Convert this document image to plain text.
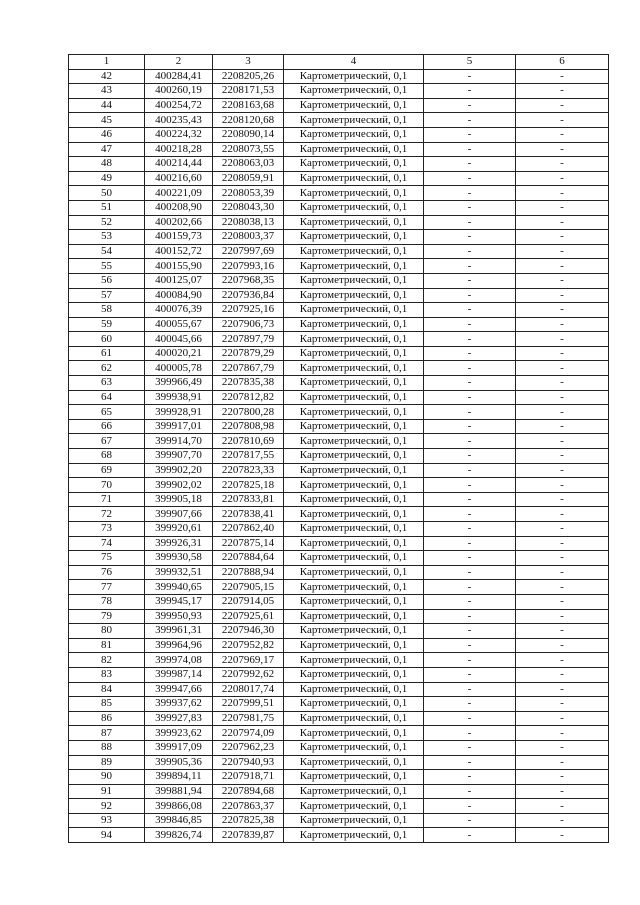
1	2	3	4	5	6
42	400284,41	2208205,26	Картометрический, 0,1	-	-
43	400260,19	2208171,53	Картометрический, 0,1	-	-
44	400254,72	2208163,68	Картометрический, 0,1	-	-
45	400235,43	2208120,68	Картометрический, 0,1	-	-
46	400224,32	2208090,14	Картометрический, 0,1	-	-
47	400218,28	2208073,55	Картометрический, 0,1	-	-
48	400214,44	2208063,03	Картометрический, 0,1	-	-
49	400216,60	2208059,91	Картометрический, 0,1	-	-
50	400221,09	2208053,39	Картометрический, 0,1	-	-
51	400208,90	2208043,30	Картометрический, 0,1	-	-
52	400202,66	2208038,13	Картометрический, 0,1	-	-
53	400159,73	2208003,37	Картометрический, 0,1	-	-
54	400152,72	2207997,69	Картометрический, 0,1	-	-
55	400155,90	2207993,16	Картометрический, 0,1	-	-
56	400125,07	2207968,35	Картометрический, 0,1	-	-
57	400084,90	2207936,84	Картометрический, 0,1	-	-
58	400076,39	2207925,16	Картометрический, 0,1	-	-
59	400055,67	2207906,73	Картометрический, 0,1	-	-
60	400045,66	2207897,79	Картометрический, 0,1	-	-
61	400020,21	2207879,29	Картометрический, 0,1	-	-
62	400005,78	2207867,79	Картометрический, 0,1	-	-
63	399966,49	2207835,38	Картометрический, 0,1	-	-
64	399938,91	2207812,82	Картометрический, 0,1	-	-
65	399928,91	2207800,28	Картометрический, 0,1	-	-
66	399917,01	2207808,98	Картометрический, 0,1	-	-
67	399914,70	2207810,69	Картометрический, 0,1	-	-
68	399907,70	2207817,55	Картометрический, 0,1	-	-
69	399902,20	2207823,33	Картометрический, 0,1	-	-
70	399902,02	2207825,18	Картометрический, 0,1	-	-
71	399905,18	2207833,81	Картометрический, 0,1	-	-
72	399907,66	2207838,41	Картометрический, 0,1	-	-
73	399920,61	2207862,40	Картометрический, 0,1	-	-
74	399926,31	2207875,14	Картометрический, 0,1	-	-
75	399930,58	2207884,64	Картометрический, 0,1	-	-
76	399932,51	2207888,94	Картометрический, 0,1	-	-
77	399940,65	2207905,15	Картометрический, 0,1	-	-
78	399945,17	2207914,05	Картометрический, 0,1	-	-
79	399950,93	2207925,61	Картометрический, 0,1	-	-
80	399961,31	2207946,30	Картометрический, 0,1	-	-
81	399964,96	2207952,82	Картометрический, 0,1	-	-
82	399974,08	2207969,17	Картометрический, 0,1	-	-
83	399987,14	2207992,62	Картометрический, 0,1	-	-
84	399947,66	2208017,74	Картометрический, 0,1	-	-
85	399937,62	2207999,51	Картометрический, 0,1	-	-
86	399927,83	2207981,75	Картометрический, 0,1	-	-
87	399923,62	2207974,09	Картометрический, 0,1	-	-
88	399917,09	2207962,23	Картометрический, 0,1	-	-
89	399905,36	2207940,93	Картометрический, 0,1	-	-
90	399894,11	2207918,71	Картометрический, 0,1	-	-
91	399881,94	2207894,68	Картометрический, 0,1	-	-
92	399866,08	2207863,37	Картометрический, 0,1	-	-
93	399846,85	2207825,38	Картометрический, 0,1	-	-
94	399826,74	2207839,87	Картометрический, 0,1	-	-
